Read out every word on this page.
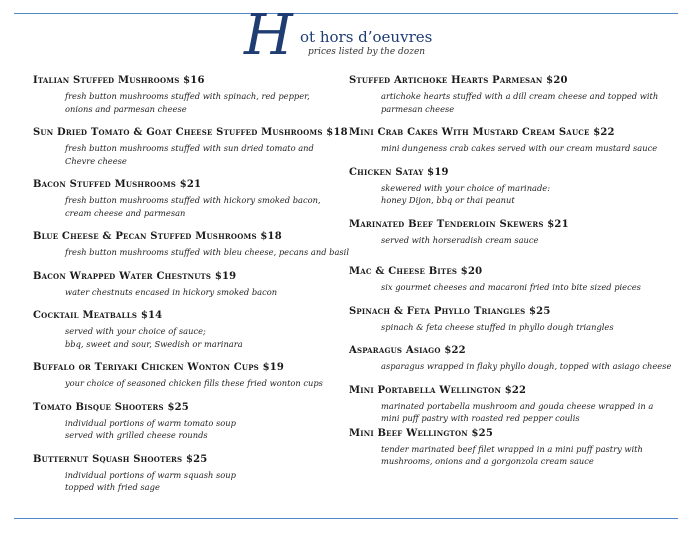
H ot hors d’oeuvres
prices listed by the dozen
Italian Stuffed Mushrooms $16
fresh button mushrooms stuffed with spinach, red pepper,
onions and parmesan cheese
Sun Dried Tomato & Goat Cheese Stuffed Mushrooms $18
fresh button mushrooms stuffed with sun dried tomato and
Chevre cheese
Bacon Stuffed Mushrooms $21
fresh button mushrooms stuffed with hickory smoked bacon,
cream cheese and parmesan
Blue Cheese & Pecan Stuffed Mushrooms $18
fresh button mushrooms stuffed with bleu cheese, pecans and basil
Bacon Wrapped Water Chestnuts $19
water chestnuts encased in hickory smoked bacon
Cocktail Meatballs $14
served with your choice of sauce;
bbq, sweet and sour, Swedish or marinara
Buffalo or Teriyaki Chicken Wonton Cups $19
your choice of seasoned chicken fills these fried wonton cups
Tomato Bisque Shooters $25
individual portions of warm tomato soup
served with grilled cheese rounds
Butternut Squash Shooters $25
individual portions of warm squash soup
topped with fried sage
Stuffed Artichoke Hearts Parmesan $20
artichoke hearts stuffed with a dill cream cheese and topped with
parmesan cheese
Mini Crab Cakes With Mustard Cream Sauce $22
mini dungeness crab cakes served with our cream mustard sauce
Chicken Satay $19
skewered with your choice of marinade:
honey Dijon, bbq or thai peanut
Marinated Beef Tenderloin Skewers $21
served with horseradish cream sauce
Mac & Cheese Bites $20
six gourmet cheeses and macaroni fried into bite sized pieces
Spinach & Feta Phyllo Triangles $25
spinach & feta cheese stuffed in phyllo dough triangles
Asparagus Asiago $22
asparagus wrapped in flaky phyllo dough, topped with asiago cheese
Mini Portabella Wellington $22
marinated portabella mushroom and gouda cheese wrapped in a
mini puff pastry with roasted red pepper coulis
Mini Beef Wellington $25
tender marinated beef filet wrapped in a mini puff pastry with
mushrooms, onions and a gorgonzola cream sauce
